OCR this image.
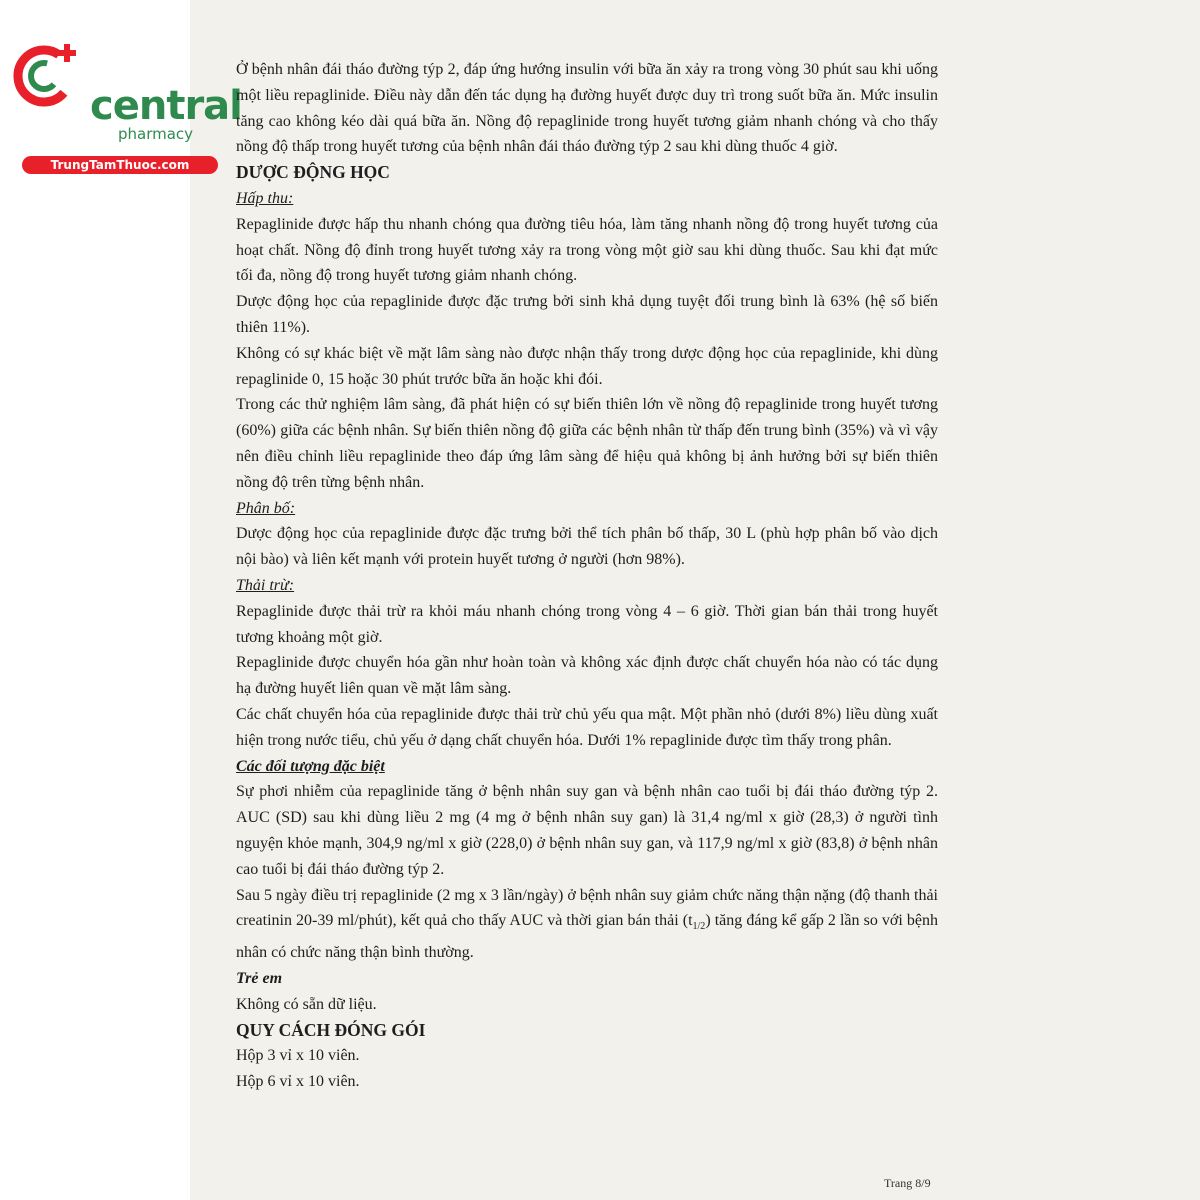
central
pharmacy
TrungTamThuoc.com

Ở bệnh nhân đái tháo đường týp 2, đáp ứng hướng insulin với bữa ăn xảy ra trong vòng 30 phút sau khi uống một liều repaglinide. Điều này dẫn đến tác dụng hạ đường huyết được duy trì trong suốt bữa ăn. Mức insulin tăng cao không kéo dài quá bữa ăn. Nồng độ repaglinide trong huyết tương giảm nhanh chóng và cho thấy nồng độ thấp trong huyết tương của bệnh nhân đái tháo đường týp 2 sau khi dùng thuốc 4 giờ.

DƯỢC ĐỘNG HỌC

Hấp thu:

Repaglinide được hấp thu nhanh chóng qua đường tiêu hóa, làm tăng nhanh nồng độ trong huyết tương của hoạt chất. Nồng độ đỉnh trong huyết tương xảy ra trong vòng một giờ sau khi dùng thuốc. Sau khi đạt mức tối đa, nồng độ trong huyết tương giảm nhanh chóng.

Dược động học của repaglinide được đặc trưng bởi sinh khả dụng tuyệt đối trung bình là 63% (hệ số biến thiên 11%).

Không có sự khác biệt về mặt lâm sàng nào được nhận thấy trong dược động học của repaglinide, khi dùng repaglinide 0, 15 hoặc 30 phút trước bữa ăn hoặc khi đói.

Trong các thử nghiệm lâm sàng, đã phát hiện có sự biến thiên lớn về nồng độ repaglinide trong huyết tương (60%) giữa các bệnh nhân. Sự biến thiên nồng độ giữa các bệnh nhân từ thấp đến trung bình (35%) và vì vậy nên điều chỉnh liều repaglinide theo đáp ứng lâm sàng để hiệu quả không bị ảnh hưởng bởi sự biến thiên nồng độ trên từng bệnh nhân.

Phân bố:

Dược động học của repaglinide được đặc trưng bởi thể tích phân bố thấp, 30 L (phù hợp phân bố vào dịch nội bào) và liên kết mạnh với protein huyết tương ở người (hơn 98%).

Thải trừ:

Repaglinide được thải trừ ra khỏi máu nhanh chóng trong vòng 4 – 6 giờ. Thời gian bán thải trong huyết tương khoảng một giờ.

Repaglinide được chuyển hóa gần như hoàn toàn và không xác định được chất chuyển hóa nào có tác dụng hạ đường huyết liên quan về mặt lâm sàng.

Các chất chuyển hóa của repaglinide được thải trừ chủ yếu qua mật. Một phần nhỏ (dưới 8%) liều dùng xuất hiện trong nước tiểu, chủ yếu ở dạng chất chuyển hóa. Dưới 1% repaglinide được tìm thấy trong phân.

Các đối tượng đặc biệt

Sự phơi nhiễm của repaglinide tăng ở bệnh nhân suy gan và bệnh nhân cao tuổi bị đái tháo đường týp 2. AUC (SD) sau khi dùng liều 2 mg (4 mg ở bệnh nhân suy gan) là 31,4 ng/ml x giờ (28,3) ở người tình nguyện khỏe mạnh, 304,9 ng/ml x giờ (228,0) ở bệnh nhân suy gan, và 117,9 ng/ml x giờ (83,8) ở bệnh nhân cao tuổi bị đái tháo đường týp 2.

Sau 5 ngày điều trị repaglinide (2 mg x 3 lần/ngày) ở bệnh nhân suy giảm chức năng thận nặng (độ thanh thải creatinin 20-39 ml/phút), kết quả cho thấy AUC và thời gian bán thải $(t_{1/2})$ tăng đáng kể gấp 2 lần so với bệnh nhân có chức năng thận bình thường.

Trẻ em

Không có sẵn dữ liệu.

QUY CÁCH ĐÓNG GÓI

Hộp 3 vỉ x 10 viên.

Hộp 6 vỉ x 10 viên.

Trang 8/9
